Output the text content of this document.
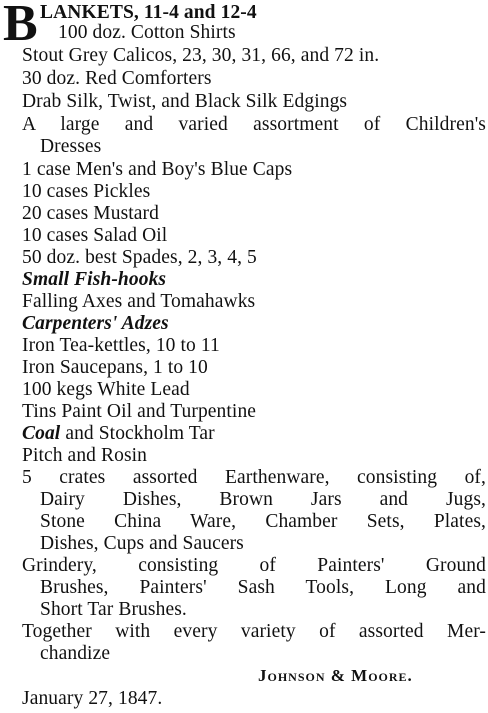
B LANKETS, 11-4 and 12-4
100 doz. Cotton Shirts
Stout Grey Calicos, 23, 30, 31, 66, and 72 in.
30 doz. Red Comforters
Drab Silk, Twist, and Black Silk Edgings
A large and varied assortment of Children's
Dresses
1 case Men's and Boy's Blue Caps
10 cases Pickles
20 cases Mustard
10 cases Salad Oil
50 doz. best Spades, 2, 3, 4, 5
Small Fish-hooks
Falling Axes and Tomahawks
Carpenters' Adzes
Iron Tea-kettles, 10 to 11
Iron Saucepans, 1 to 10
100 kegs White Lead
Tins Paint Oil and Turpentine
Coal and Stockholm Tar
Pitch and Rosin
5 crates assorted Earthenware, consisting of,
Dairy Dishes, Brown Jars and Jugs,
Stone China Ware, Chamber Sets, Plates,
Dishes, Cups and Saucers
Grindery, consisting of Painters' Ground
Brushes, Painters' Sash Tools, Long and
Short Tar Brushes.
Together with every variety of assorted Mer-
chandize
Johnson & Moore.
January 27, 1847.
